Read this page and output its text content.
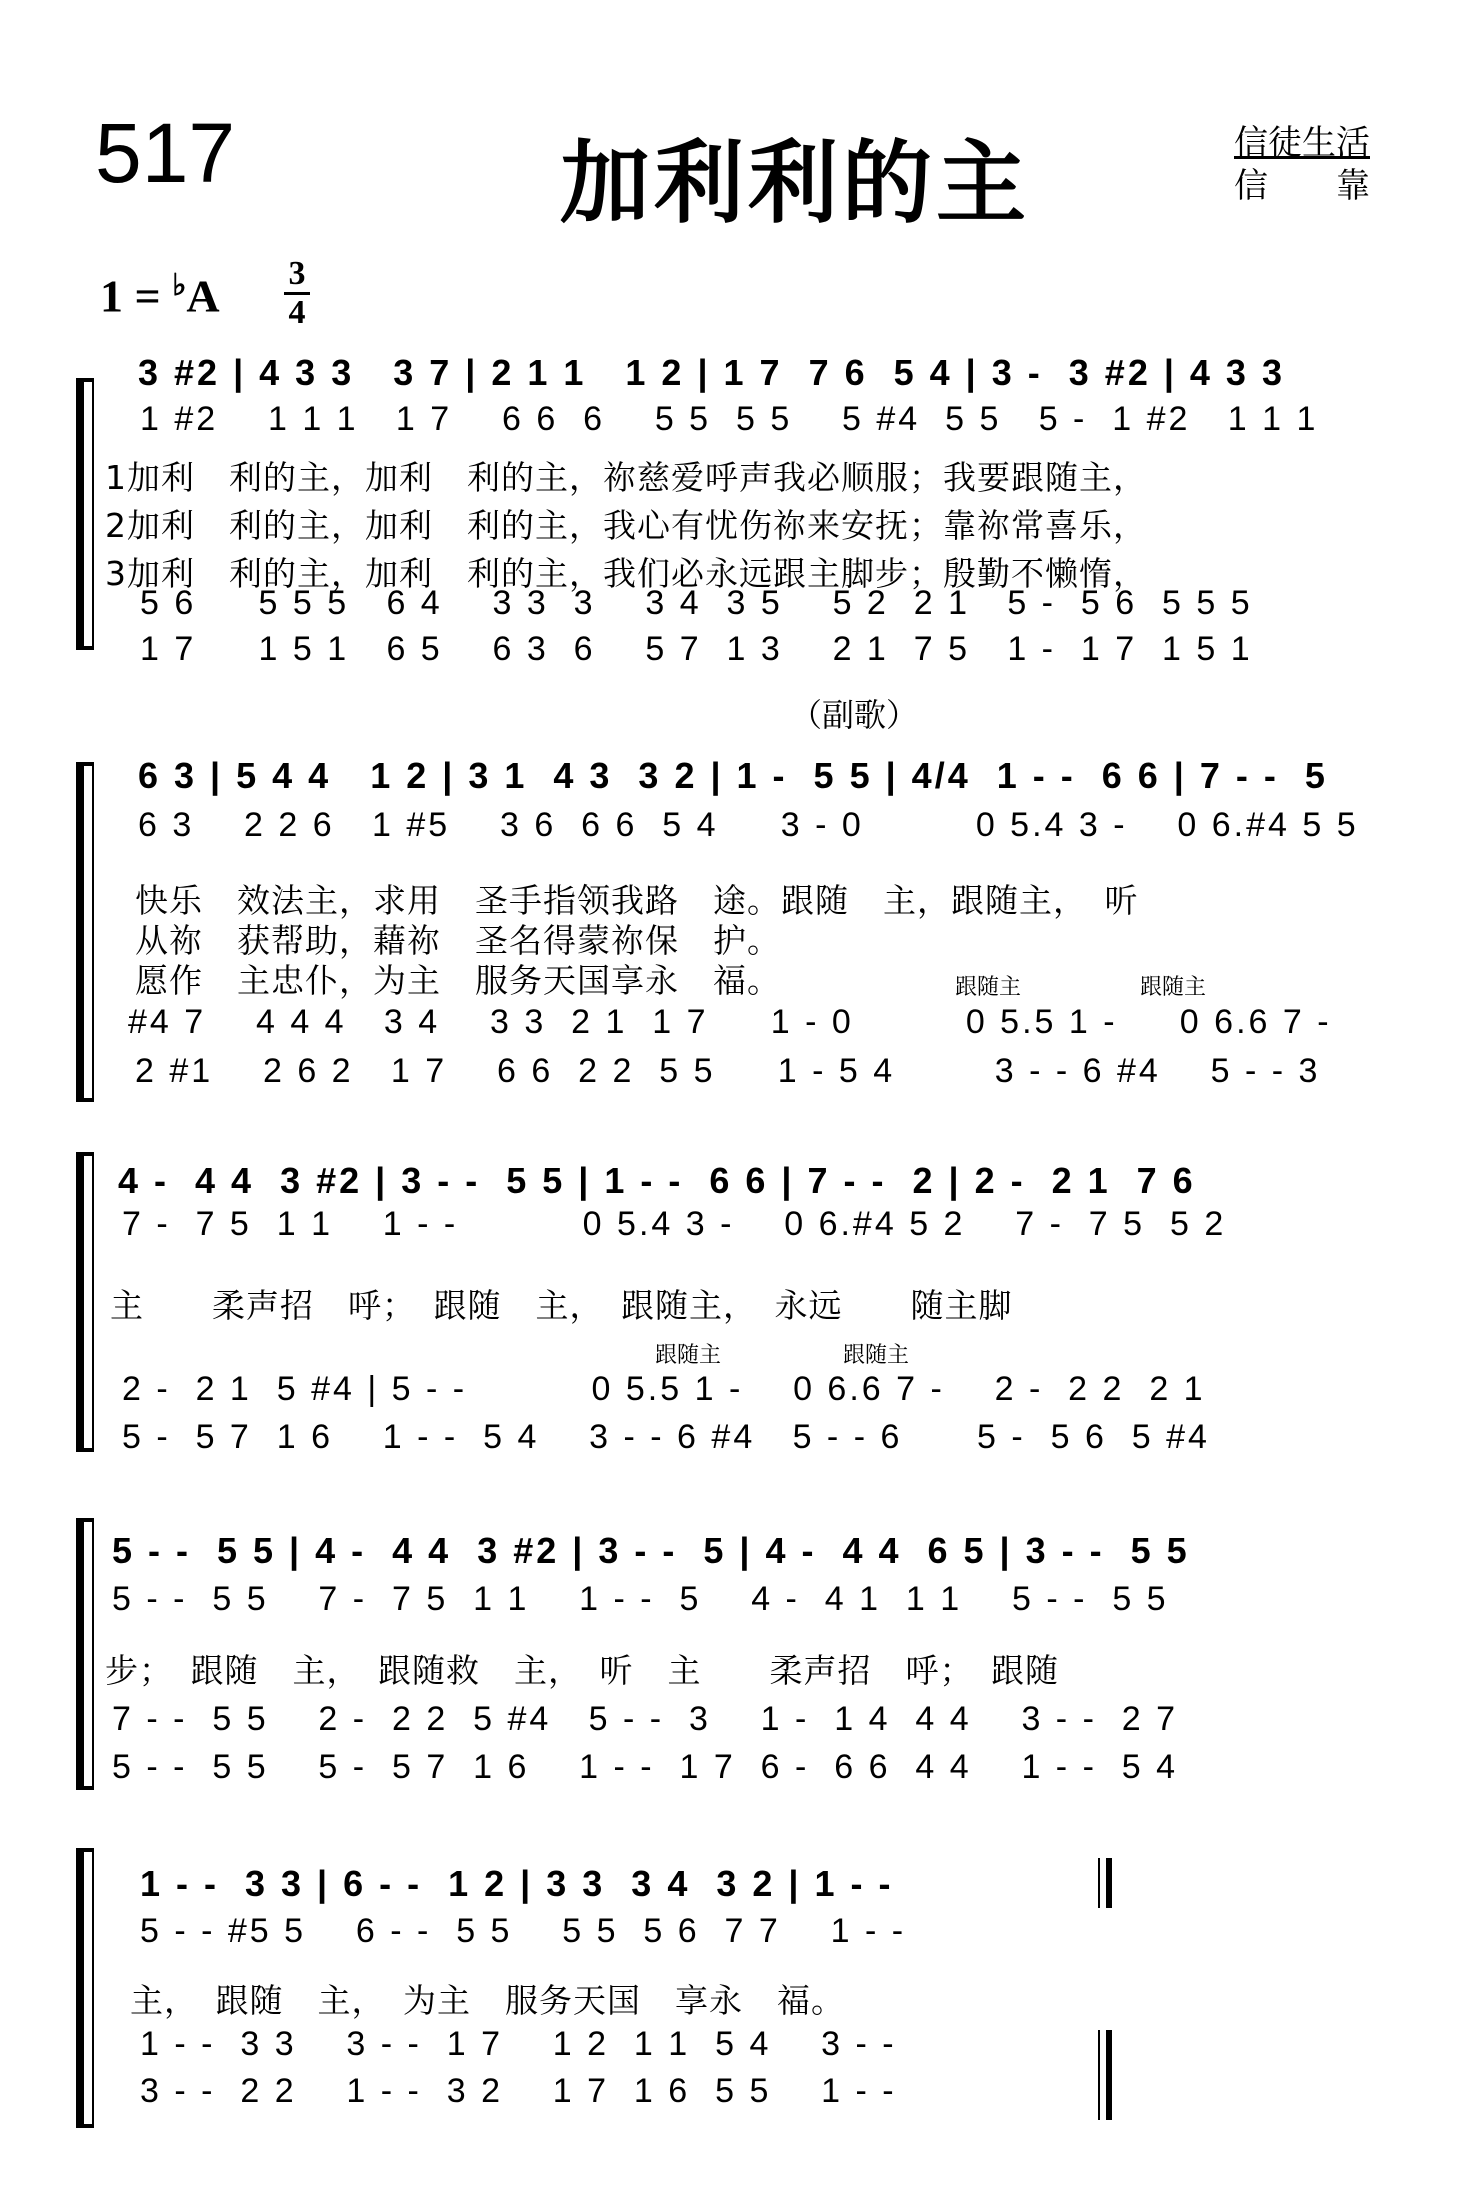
517	加利利的主	信徒生活
信　　靠
1 = ♭A 3
4
3 #2 | 4 3 3   3 7 | 2 1 1   1 2 | 1 7  7 6  5 4 | 3 -  3 #2 | 4 3 3
1 #2    1 1 1   1 7    6 6  6    5 5  5 5    5 #4  5 5   5 -  1 #2   1 1 1
1加利　利的主，加利　利的主，祢慈爱呼声我必顺服；我要跟随主，
2加利　利的主，加利　利的主，我心有忧伤祢来安抚；靠祢常喜乐，
3加利　利的主，加利　利的主，我们必永远跟主脚步；殷勤不懒惰，
5 6     5 5 5   6 4    3 3  3    3 4  3 5    5 2  2 1   5 -  5 6  5 5 5
1 7     1 5 1   6 5    6 3  6    5 7  1 3    2 1  7 5   1 -  1 7  1 5 1
（副歌）
6 3 | 5 4 4   1 2 | 3 1  4 3  3 2 | 1 -  5 5 | 4/4  1 - -  6 6 | 7 - -  5
6 3    2 2 6   1 #5    3 6  6 6  5 4     3 - 0         0 5.4 3 -    0 6.#4 5 5
快乐　效法主，求用　圣手指领我路　途。跟随　主，跟随主，　听
从祢　获帮助，藉祢　圣名得蒙祢保　护。
愿作　主忠仆，为主　服务天国享永　福。	跟随主	跟随主
#4 7    4 4 4   3 4    3 3  2 1  1 7     1 - 0         0 5.5 1 -     0 6.6 7 -
2 #1    2 6 2   1 7    6 6  2 2  5 5     1 - 5 4        3 - - 6 #4    5 - - 3
4 -  4 4  3 #2 | 3 - -  5 5 | 1 - -  6 6 | 7 - -  2 | 2 -  2 1  7 6
7 -  7 5  1 1    1 - -          0 5.4 3 -    0 6.#4 5 2    7 -  7 5  5 2
主　　柔声招　呼；　跟随　主，　跟随主，　永远　　随主脚
跟随主	跟随主
2 -  2 1  5 #4 | 5 - -          0 5.5 1 -    0 6.6 7 -    2 -  2 2  2 1
5 -  5 7  1 6    1 - -  5 4    3 - - 6 #4   5 - - 6      5 -  5 6  5 #4
5 - -  5 5 | 4 -  4 4  3 #2 | 3 - -  5 | 4 -  4 4  6 5 | 3 - -  5 5
5 - -  5 5    7 -  7 5  1 1    1 - -  5    4 -  4 1  1 1    5 - -  5 5
步；　跟随　主，　跟随救　主，　听　主　　柔声招　呼；　跟随
7 - -  5 5    2 -  2 2  5 #4   5 - -  3    1 -  1 4  4 4    3 - -  2 7
5 - -  5 5    5 -  5 7  1 6    1 - -  1 7  6 -  6 6  4 4    1 - -  5 4
1 - -  3 3 | 6 - -  1 2 | 3 3  3 4  3 2 | 1 - -
5 - - #5 5    6 - -  5 5    5 5  5 6  7 7    1 - -
主，　跟随　主，　为主　服务天国　享永　福。
1 - -  3 3    3 - -  1 7    1 2  1 1  5 4    3 - -
3 - -  2 2    1 - -  3 2    1 7  1 6  5 5    1 - -
